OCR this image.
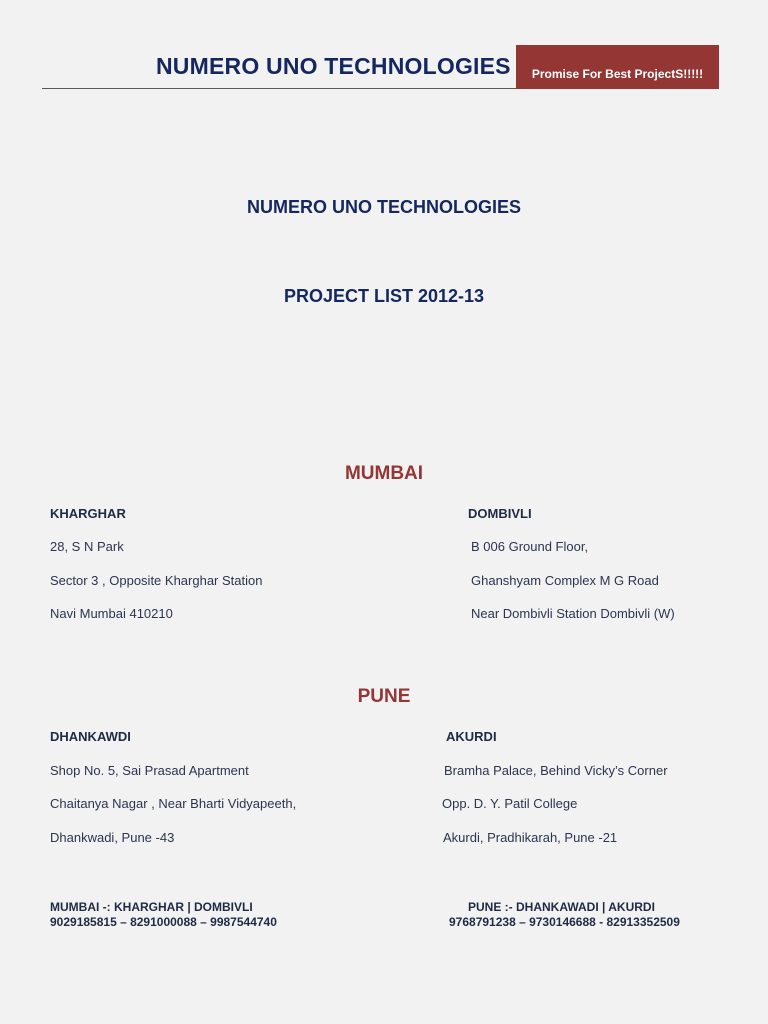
NUMERO UNO TECHNOLOGIES Promise For Best ProjectS!!!!!
NUMERO UNO TECHNOLOGIES
PROJECT LIST 2012-13
MUMBAI
KHARGHAR
28, S N Park
Sector 3 , Opposite Kharghar Station
Navi Mumbai 410210
DOMBIVLI
B 006 Ground Floor,
Ghanshyam Complex M G Road
Near Dombivli Station Dombivli (W)
PUNE
DHANKAWDI
Shop No. 5, Sai Prasad Apartment
Chaitanya Nagar , Near Bharti Vidyapeeth,
Dhankwadi, Pune -43
AKURDI
Bramha Palace, Behind Vicky’s Corner
Opp. D. Y. Patil College
Akurdi, Pradhikarah, Pune -21
MUMBAI -: KHARGHAR | DOMBIVLI
9029185815 – 8291000088 – 9987544740
PUNE :- DHANKAWADI | AKURDI
9768791238 – 9730146688 - 82913352509
